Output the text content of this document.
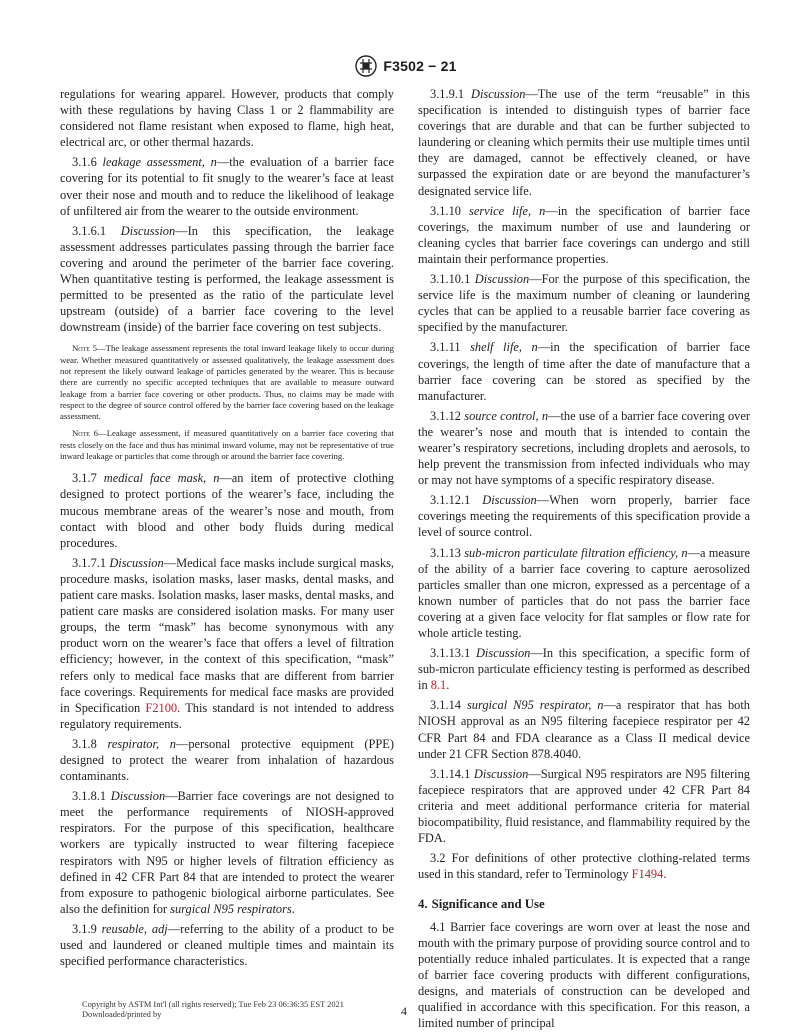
F3502 − 21

regulations for wearing apparel. However, products that comply with these regulations by having Class 1 or 2 flammability are considered not flame resistant when exposed to flame, high heat, electrical arc, or other thermal hazards.

3.1.6 leakage assessment, n—the evaluation of a barrier face covering for its potential to fit snugly to the wearer’s face at least over their nose and mouth and to reduce the likelihood of leakage of unfiltered air from the wearer to the outside environment.

3.1.6.1 Discussion—In this specification, the leakage assessment addresses particulates passing through the barrier face covering and around the perimeter of the barrier face covering. When quantitative testing is performed, the leakage assessment is permitted to be presented as the ratio of the particulate level upstream (outside) of a barrier face covering to the level downstream (inside) of the barrier face covering on test subjects.

Note 5—The leakage assessment represents the total inward leakage likely to occur during wear. Whether measured quantitatively or assessed qualitatively, the leakage assessment does not represent the likely outward leakage of particles generated by the wearer. This is because there are currently no specific accepted techniques that are available to measure outward leakage from a barrier face covering or other products. Thus, no claims may be made with respect to the degree of source control offered by the barrier face covering based on the leakage assessment.

Note 6—Leakage assessment, if measured quantitatively on a barrier face covering that rests closely on the face and thus has minimal inward volume, may not be representative of true inward leakage or particles that come through or around the barrier face covering.

3.1.7 medical face mask, n—an item of protective clothing designed to protect portions of the wearer’s face, including the mucous membrane areas of the wearer’s nose and mouth, from contact with blood and other body fluids during medical procedures.

3.1.7.1 Discussion—Medical face masks include surgical masks, procedure masks, isolation masks, laser masks, dental masks, and patient care masks. Isolation masks, laser masks, dental masks, and patient care masks are considered isolation masks. For many user groups, the term “mask” has become synonymous with any product worn on the wearer’s face that offers a level of filtration efficiency; however, in the context of this specification, “mask” refers only to medical face masks that are different from barrier face coverings. Requirements for medical face masks are provided in Specification F2100. This standard is not intended to address regulatory requirements.

3.1.8 respirator, n—personal protective equipment (PPE) designed to protect the wearer from inhalation of hazardous contaminants.

3.1.8.1 Discussion—Barrier face coverings are not designed to meet the performance requirements of NIOSH-approved respirators. For the purpose of this specification, healthcare workers are typically instructed to wear filtering facepiece respirators with N95 or higher levels of filtration efficiency as defined in 42 CFR Part 84 that are intended to protect the wearer from exposure to pathogenic biological airborne particulates. See also the definition for surgical N95 respirators.

3.1.9 reusable, adj—referring to the ability of a product to be used and laundered or cleaned multiple times and maintain its specified performance characteristics.

3.1.9.1 Discussion—The use of the term “reusable” in this specification is intended to distinguish types of barrier face coverings that are durable and that can be further subjected to laundering or cleaning which permits their use multiple times until they are damaged, cannot be effectively cleaned, or have surpassed the expiration date or are beyond the manufacturer’s designated service life.

3.1.10 service life, n—in the specification of barrier face coverings, the maximum number of use and laundering or cleaning cycles that barrier face coverings can undergo and still maintain their performance properties.

3.1.10.1 Discussion—For the purpose of this specification, the service life is the maximum number of cleaning or laundering cycles that can be applied to a reusable barrier face covering as specified by the manufacturer.

3.1.11 shelf life, n—in the specification of barrier face coverings, the length of time after the date of manufacture that a barrier face covering can be stored as specified by the manufacturer.

3.1.12 source control, n—the use of a barrier face covering over the wearer’s nose and mouth that is intended to contain the wearer’s respiratory secretions, including droplets and aerosols, to help prevent the transmission from infected individuals who may or may not have symptoms of a specific respiratory disease.

3.1.12.1 Discussion—When worn properly, barrier face coverings meeting the requirements of this specification provide a level of source control.

3.1.13 sub-micron particulate filtration efficiency, n—a measure of the ability of a barrier face covering to capture aerosolized particles smaller than one micron, expressed as a percentage of a known number of particles that do not pass the barrier face covering at a given face velocity for flat samples or flow rate for whole article testing.

3.1.13.1 Discussion—In this specification, a specific form of sub-micron particulate efficiency testing is performed as described in 8.1.

3.1.14 surgical N95 respirator, n—a respirator that has both NIOSH approval as an N95 filtering facepiece respirator per 42 CFR Part 84 and FDA clearance as a Class II medical device under 21 CFR Section 878.4040.

3.1.14.1 Discussion—Surgical N95 respirators are N95 filtering facepiece respirators that are approved under 42 CFR Part 84 criteria and meet additional performance criteria for material biocompatibility, fluid resistance, and flammability required by the FDA.

3.2 For definitions of other protective clothing-related terms used in this standard, refer to Terminology F1494.

4. Significance and Use

4.1 Barrier face coverings are worn over at least the nose and mouth with the primary purpose of providing source control and to potentially reduce inhaled particulates. It is expected that a range of barrier face covering products with different configurations, designs, and materials of construction can be developed and qualified in accordance with this specification. For this reason, a limited number of principal

Copyright by ASTM Int'l (all rights reserved); Tue Feb 23 06:36:35 EST 2021
Downloaded/printed by	4
